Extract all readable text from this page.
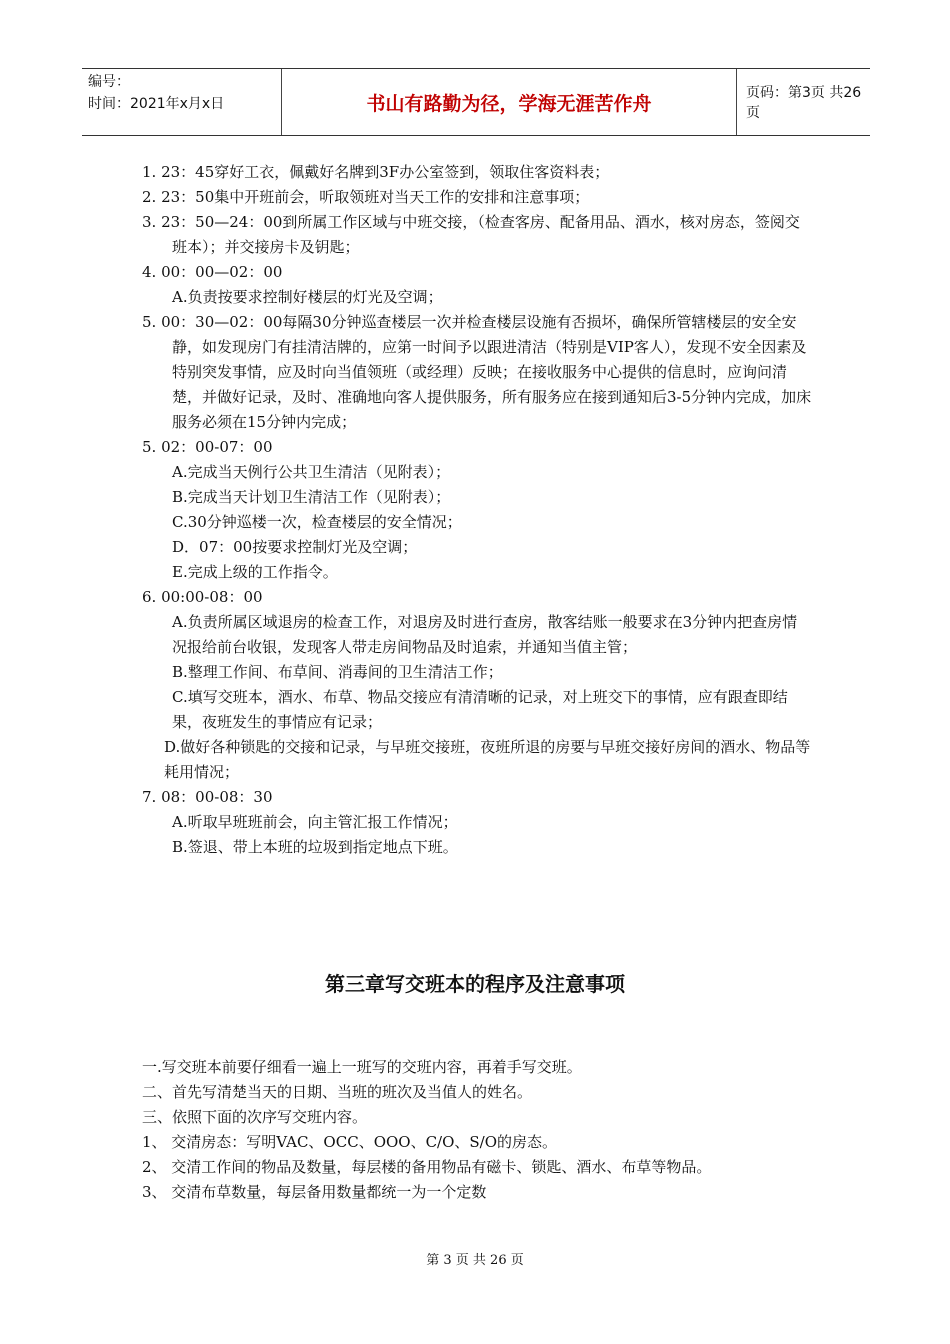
编号：
时间：2021年x月x日	书山有路勤为径，学海无涯苦作舟	页码：第3页 共26页
1. 23：45穿好工衣，佩戴好名牌到3F办公室签到，领取住客资料表；
2. 23：50集中开班前会，听取领班对当天工作的安排和注意事项；
3. 23：50—24：00到所属工作区域与中班交接，（检查客房、配备用品、酒水，核对房态，签阅交班本）；并交接房卡及钥匙；
4. 00：00—02：00
A.负责按要求控制好楼层的灯光及空调；
5. 00：30—02：00每隔30分钟巡查楼层一次并检查楼层设施有否损坏，确保所管辖楼层的安全安静，如发现房门有挂清洁牌的，应第一时间予以跟进清洁（特别是VIP客人），发现不安全因素及特别突发事情，应及时向当值领班（或经理）反映；在接收服务中心提供的信息时，应询问清楚，并做好记录，及时、准确地向客人提供服务，所有服务应在接到通知后3-5分钟内完成，加床服务必须在15分钟内完成；
5. 02：00-07：00
A.完成当天例行公共卫生清洁（见附表）；
B.完成当天计划卫生清洁工作（见附表）；
C.30分钟巡楼一次，检查楼层的安全情况；
D．07：00按要求控制灯光及空调；
E.完成上级的工作指令。
6. 00:00-08：00
A.负责所属区域退房的检查工作，对退房及时进行查房，散客结账一般要求在3分钟内把查房情况报给前台收银，发现客人带走房间物品及时追索，并通知当值主管；
B.整理工作间、布草间、消毒间的卫生清洁工作；
C.填写交班本，酒水、布草、物品交接应有清清晰的记录，对上班交下的事情，应有跟查即结果，夜班发生的事情应有记录；
D.做好各种锁匙的交接和记录，与早班交接班，夜班所退的房要与早班交接好房间的酒水、物品等耗用情况；
7. 08：00-08：30
A.听取早班班前会，向主管汇报工作情况；
B.签退、带上本班的垃圾到指定地点下班。
第三章写交班本的程序及注意事项
一.写交班本前要仔细看一遍上一班写的交班内容，再着手写交班。
二、首先写清楚当天的日期、当班的班次及当值人的姓名。
三、依照下面的次序写交班内容。
1、 交清房态：写明VAC、OCC、OOO、C/O、S/O的房态。
2、 交清工作间的物品及数量，每层楼的备用物品有磁卡、锁匙、酒水、布草等物品。
3、 交清布草数量，每层备用数量都统一为一个定数
第 3 页 共 26 页
